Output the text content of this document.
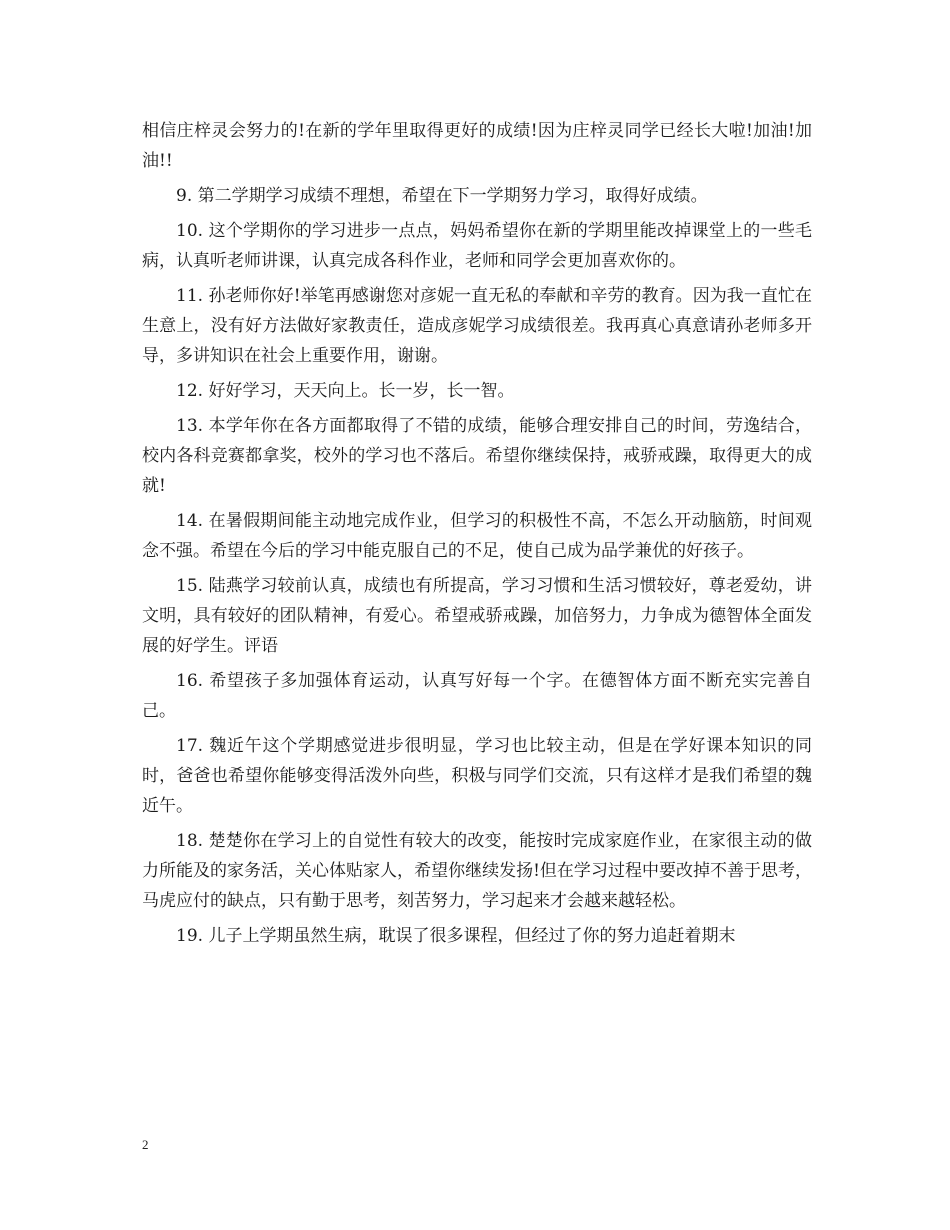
相信庄梓灵会努力的!在新的学年里取得更好的成绩!因为庄梓灵同学已经长大啦!加油!加油!!

9. 第二学期学习成绩不理想，希望在下一学期努力学习，取得好成绩。

10. 这个学期你的学习进步一点点，妈妈希望你在新的学期里能改掉课堂上的一些毛病，认真听老师讲课，认真完成各科作业，老师和同学会更加喜欢你的。

11. 孙老师你好!举笔再感谢您对彦妮一直无私的奉献和辛劳的教育。因为我一直忙在生意上，没有好方法做好家教责任，造成彦妮学习成绩很差。我再真心真意请孙老师多开导，多讲知识在社会上重要作用，谢谢。

12. 好好学习，天天向上。长一岁，长一智。

13. 本学年你在各方面都取得了不错的成绩，能够合理安排自己的时间，劳逸结合，校内各科竞赛都拿奖，校外的学习也不落后。希望你继续保持，戒骄戒躁，取得更大的成就!

14. 在暑假期间能主动地完成作业，但学习的积极性不高，不怎么开动脑筋，时间观念不强。希望在今后的学习中能克服自己的不足，使自己成为品学兼优的好孩子。

15. 陆燕学习较前认真，成绩也有所提高，学习习惯和生活习惯较好，尊老爱幼，讲文明，具有较好的团队精神，有爱心。希望戒骄戒躁，加倍努力，力争成为德智体全面发展的好学生。评语

16. 希望孩子多加强体育运动，认真写好每一个字。在德智体方面不断充实完善自己。

17. 魏近午这个学期感觉进步很明显，学习也比较主动，但是在学好课本知识的同时，爸爸也希望你能够变得活泼外向些，积极与同学们交流，只有这样才是我们希望的魏近午。

18. 楚楚你在学习上的自觉性有较大的改变，能按时完成家庭作业，在家很主动的做力所能及的家务活，关心体贴家人，希望你继续发扬!但在学习过程中要改掉不善于思考，马虎应付的缺点，只有勤于思考，刻苦努力，学习起来才会越来越轻松。

19. 儿子上学期虽然生病，耽误了很多课程，但经过了你的努力追赶着期末

2
